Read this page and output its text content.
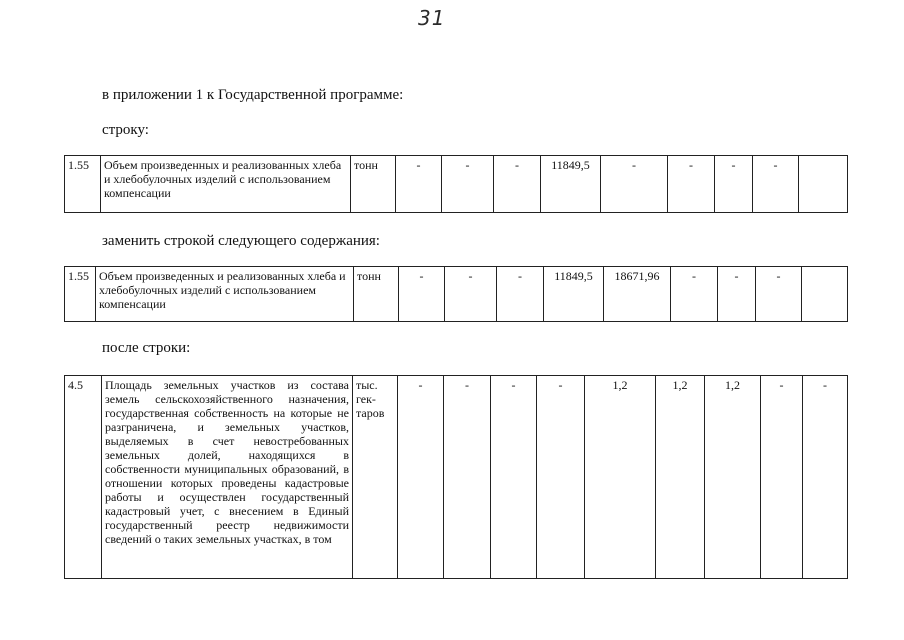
31
в приложении 1 к Государственной программе:
строку:
1.55	Объем произведенных и реализованных хлеба и хлебобулочных изделий с использованием компенсации	тонн	-	-	-	11849,5	-	-	-	-	
заменить строкой следующего содержания:
1.55	Объем произведенных и реализованных хлеба и хлебобулочных изделий с использованием компенсации	тонн	-	-	-	11849,5	18671,96	-	-	-	
после строки:
4.5	Площадь земельных участков из состава земель сельскохозяйственного назначения, государственная собственность на которые не разграничена, и земельных участков, выделяемых в счет невостребованных земельных долей, находящихся в собственности муниципальных образований, в отношении которых проведены кадастровые работы и осуществлен государственный кадастровый учет, с внесением в Единый государственный реестр недвижимости сведений о таких земельных участках, в том	тыс. гек-таров	-	-	-	-	1,2	1,2	1,2	-	-
